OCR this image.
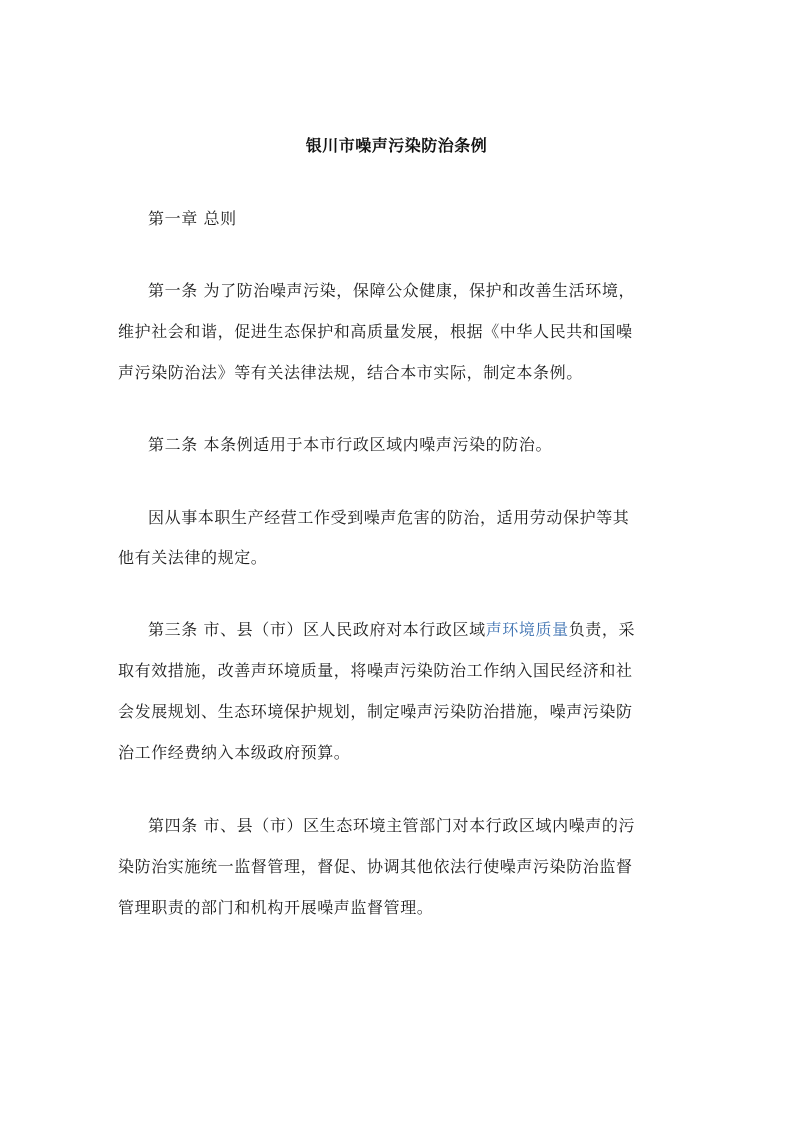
银川市噪声污染防治条例
第一章 总则
第一条 为了防治噪声污染，保障公众健康，保护和改善生活环境，
维护社会和谐，促进生态保护和高质量发展，根据《中华人民共和国噪
声污染防治法》等有关法律法规，结合本市实际，制定本条例。
第二条 本条例适用于本市行政区域内噪声污染的防治。
因从事本职生产经营工作受到噪声危害的防治，适用劳动保护等其
他有关法律的规定。
第三条 市、县（市）区人民政府对本行政区域声环境质量负责，采
取有效措施，改善声环境质量，将噪声污染防治工作纳入国民经济和社
会发展规划、生态环境保护规划，制定噪声污染防治措施，噪声污染防
治工作经费纳入本级政府预算。
第四条 市、县（市）区生态环境主管部门对本行政区域内噪声的污
染防治实施统一监督管理，督促、协调其他依法行使噪声污染防治监督
管理职责的部门和机构开展噪声监督管理。
